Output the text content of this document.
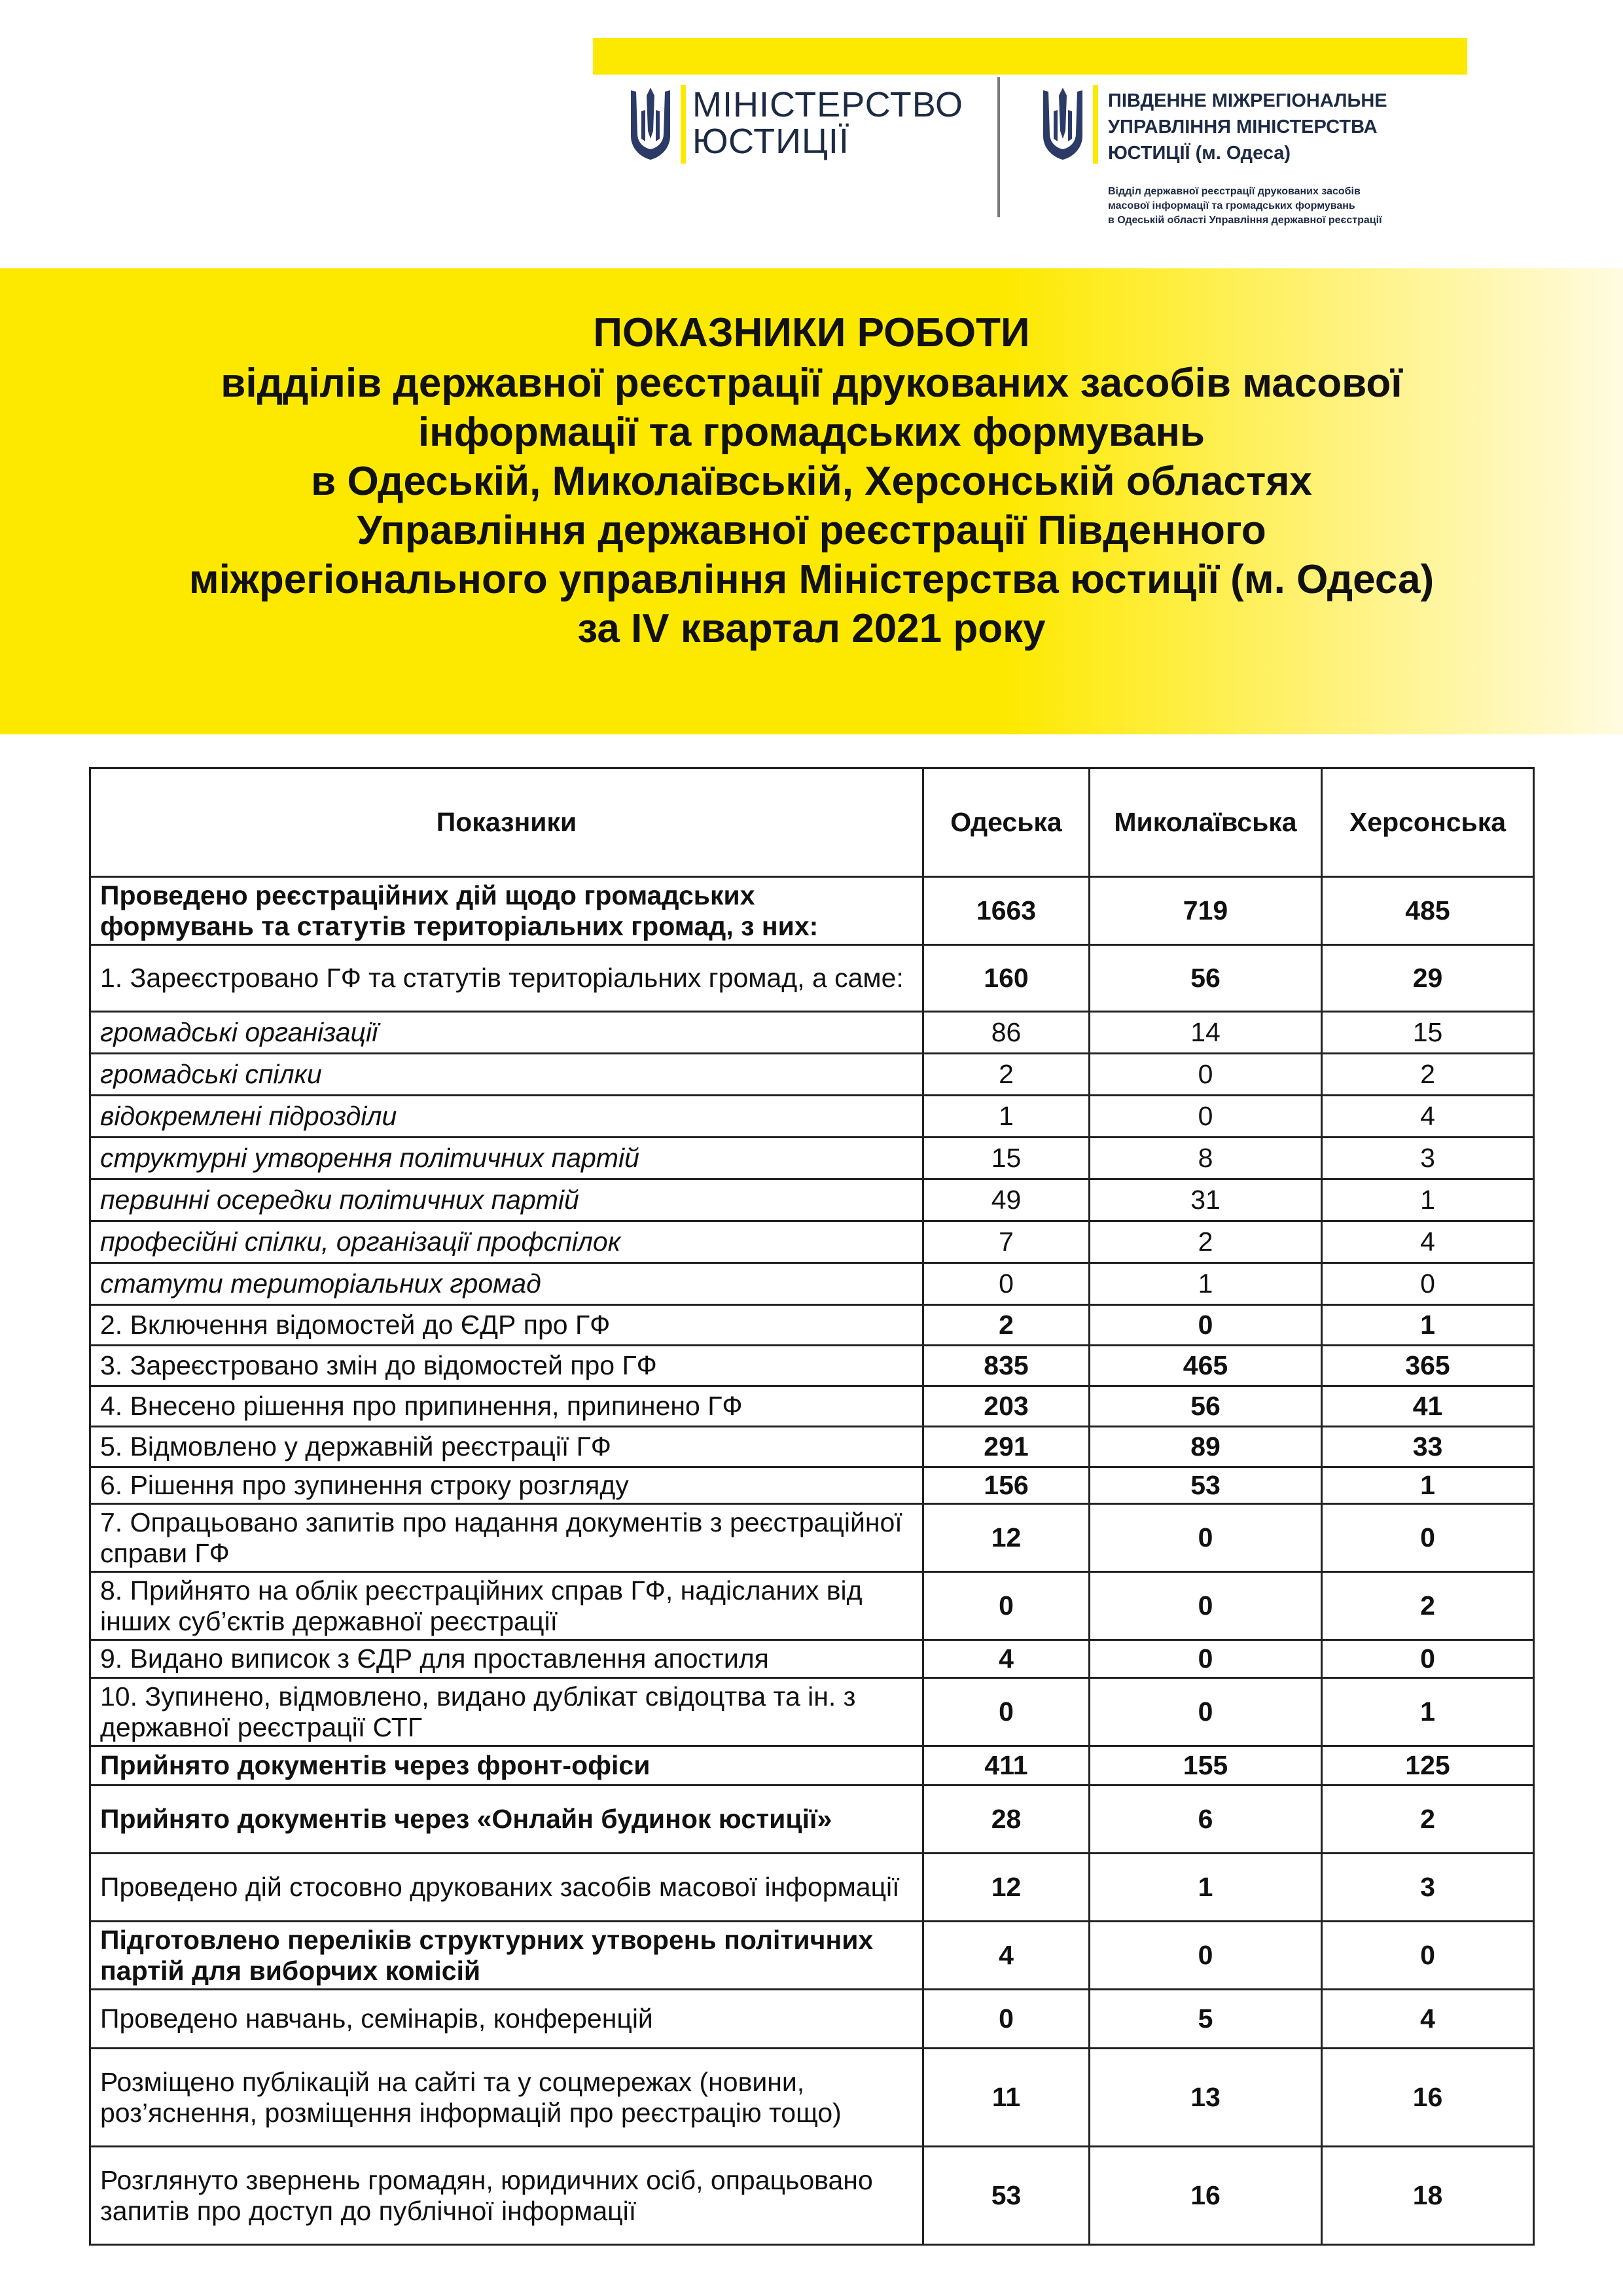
МІНІСТЕРСТВО
ЮСТИЦІЇ
ПІВДЕННЕ МІЖРЕГІОНАЛЬНЕ
УПРАВЛІННЯ МІНІСТЕРСТВА
ЮСТИЦІЇ (м. Одеса)
Відділ державної реєстрації друкованих засобів
масової інформації та громадських формувань
в Одеській області Управління державної реєстрації
ПОКАЗНИКИ РОБОТИ
відділів державної реєстрації друкованих засобів масової
інформації та громадських формувань
в Одеській, Миколаївській, Херсонській областях
Управління державної реєстрації Південного
міжрегіонального управління Міністерства юстиції (м. Одеса)
за IV квартал 2021 року
Показники	Одеська	Миколаївська	Херсонська
Проведено реєстраційних дій щодо громадських формувань та статутів територіальних громад, з них:	1663	719	485
1. Зареєстровано ГФ та статутів територіальних громад, а саме:	160	56	29
громадські організації	86	14	15
громадські спілки	2	0	2
відокремлені підрозділи	1	0	4
структурні утворення політичних партій	15	8	3
первинні осередки політичних партій	49	31	1
професійні спілки, організації профспілок	7	2	4
статути територіальних громад	0	1	0
2. Включення відомостей до ЄДР про ГФ	2	0	1
3. Зареєстровано змін до відомостей про ГФ	835	465	365
4. Внесено рішення про припинення, припинено ГФ	203	56	41
5. Відмовлено у державній реєстрації ГФ	291	89	33
6. Рішення про зупинення строку розгляду	156	53	1
7. Опрацьовано запитів про надання документів з реєстраційної справи ГФ	12	0	0
8. Прийнято на облік реєстраційних справ ГФ, надісланих від інших суб’єктів державної реєстрації	0	0	2
9. Видано виписок з ЄДР для проставлення апостиля	4	0	0
10. Зупинено, відмовлено, видано дублікат свідоцтва та ін. з державної реєстрації СТГ	0	0	1
Прийнято документів через фронт-офіси	411	155	125
Прийнято документів через «Онлайн будинок юстиції»	28	6	2
Проведено дій стосовно друкованих засобів масової інформації	12	1	3
Підготовлено переліків структурних утворень політичних партій для виборчих комісій	4	0	0
Проведено навчань, семінарів, конференцій	0	5	4
Розміщено публікацій на сайті та у соцмережах (новини, роз’яснення, розміщення інформацій про реєстрацію тощо)	11	13	16
Розглянуто звернень громадян, юридичних осіб, опрацьовано запитів про доступ до публічної інформації	53	16	18
